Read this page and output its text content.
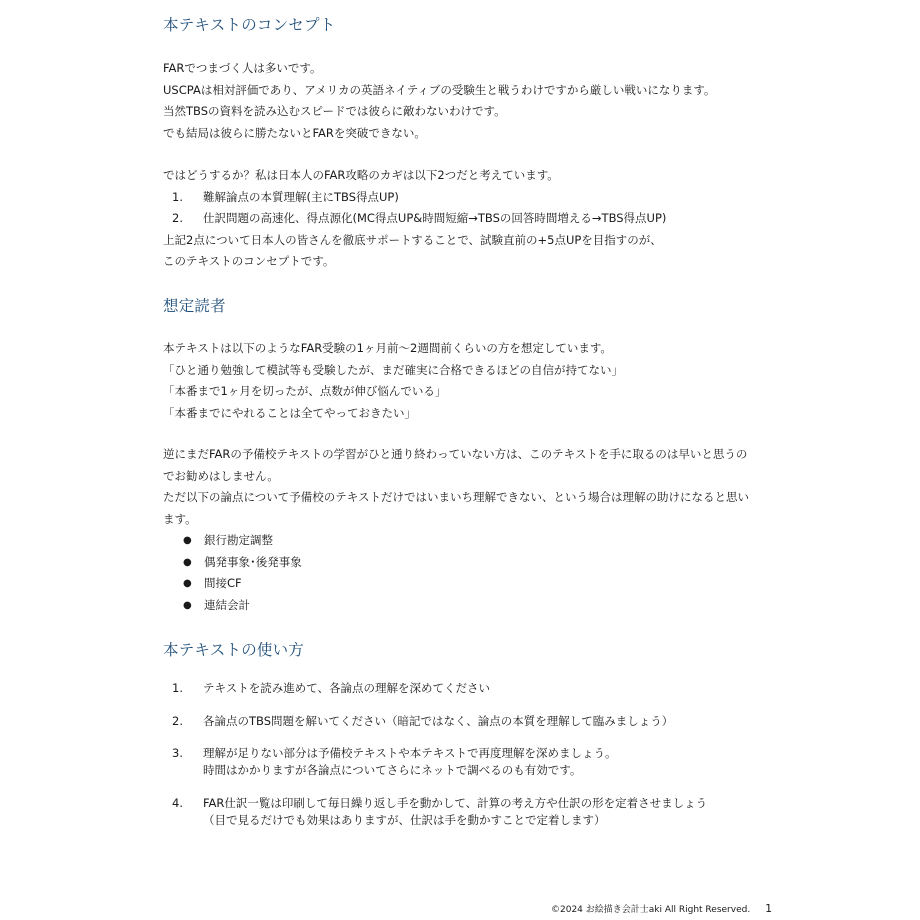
本テキストのコンセプト

FARでつまづく人は多いです。

USCPAは相対評価であり、アメリカの英語ネイティブの受験生と戦うわけですから厳しい戦いになります。

当然TBSの資料を読み込むスピードでは彼らに敵わないわけです。

でも結局は彼らに勝たないとFARを突破できない。

ではどうするか？私は日本人のFAR攻略のカギは以下2つだと考えています。

1. 難解論点の本質理解(主にTBS得点UP)
2. 仕訳問題の高速化、得点源化(MC得点UP&時間短縮→TBSの回答時間増える→TBS得点UP)

上記2点について日本人の皆さんを徹底サポートすることで、試験直前の+5点UPを目指すのが、

このテキストのコンセプトです。

想定読者

本テキストは以下のようなFAR受験の1ヶ月前～2週間前くらいの方を想定しています。

「ひと通り勉強して模試等も受験したが、まだ確実に合格できるほどの自信が持てない」

「本番まで1ヶ月を切ったが、点数が伸び悩んでいる」

「本番までにやれることは全てやっておきたい」

逆にまだFARの予備校テキストの学習がひと通り終わっていない方は、このテキストを手に取るのは早いと思うのでお勧めはしません。

ただ以下の論点について予備校のテキストだけではいまいち理解できない、という場合は理解の助けになると思います。

●	銀行勘定調整
●	偶発事象･後発事象
●	間接CF
●	連結会計
本テキストの使い方
1. テキストを読み進めて、各論点の理解を深めてください
2. 各論点のTBS問題を解いてください（暗記ではなく、論点の本質を理解して臨みましょう）
3. 理解が足りない部分は予備校テキストや本テキストで再度理解を深めましょう。
時間はかかりますが各論点についてさらにネットで調べるのも有効です。
4. FAR仕訳一覧は印刷して毎日繰り返し手を動かして、計算の考え方や仕訳の形を定着させましょう
（目で見るだけでも効果はありますが、仕訳は手を動かすことで定着します）
©2024 お絵描き会計士aki All Right Reserved. 1
